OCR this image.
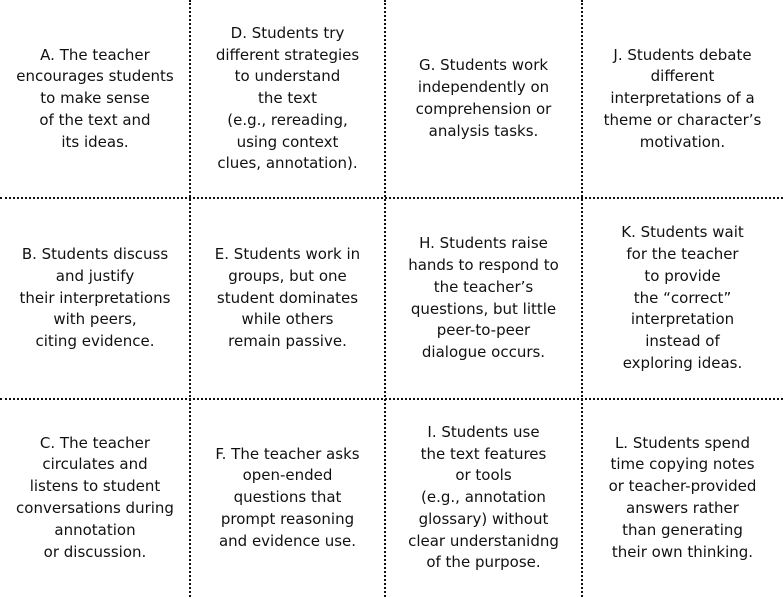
A. The teacher
encourages students
to make sense
of the text and
its ideas.
D. Students try
different strategies
to understand
the text
(e.g., rereading,
using context
clues, annotation).
G. Students work
independently on
comprehension or
analysis tasks.
J. Students debate
different
interpretations of a
theme or character’s
motivation.
B. Students discuss
and justify
their interpretations
with peers,
citing evidence.
E. Students work in
groups, but one
student dominates
while others
remain passive.
H. Students raise
hands to respond to
the teacher’s
questions, but little
peer-to-peer
dialogue occurs.
K. Students wait
for the teacher
to provide
the “correct”
interpretation
instead of
exploring ideas.
C. The teacher
circulates and
listens to student
conversations during
annotation
or discussion.
F. The teacher asks
open-ended
questions that
prompt reasoning
and evidence use.
I. Students use
the text features
or tools
(e.g., annotation
glossary) without
clear understanidng
of the purpose.
L. Students spend
time copying notes
or teacher-provided
answers rather
than generating
their own thinking.
